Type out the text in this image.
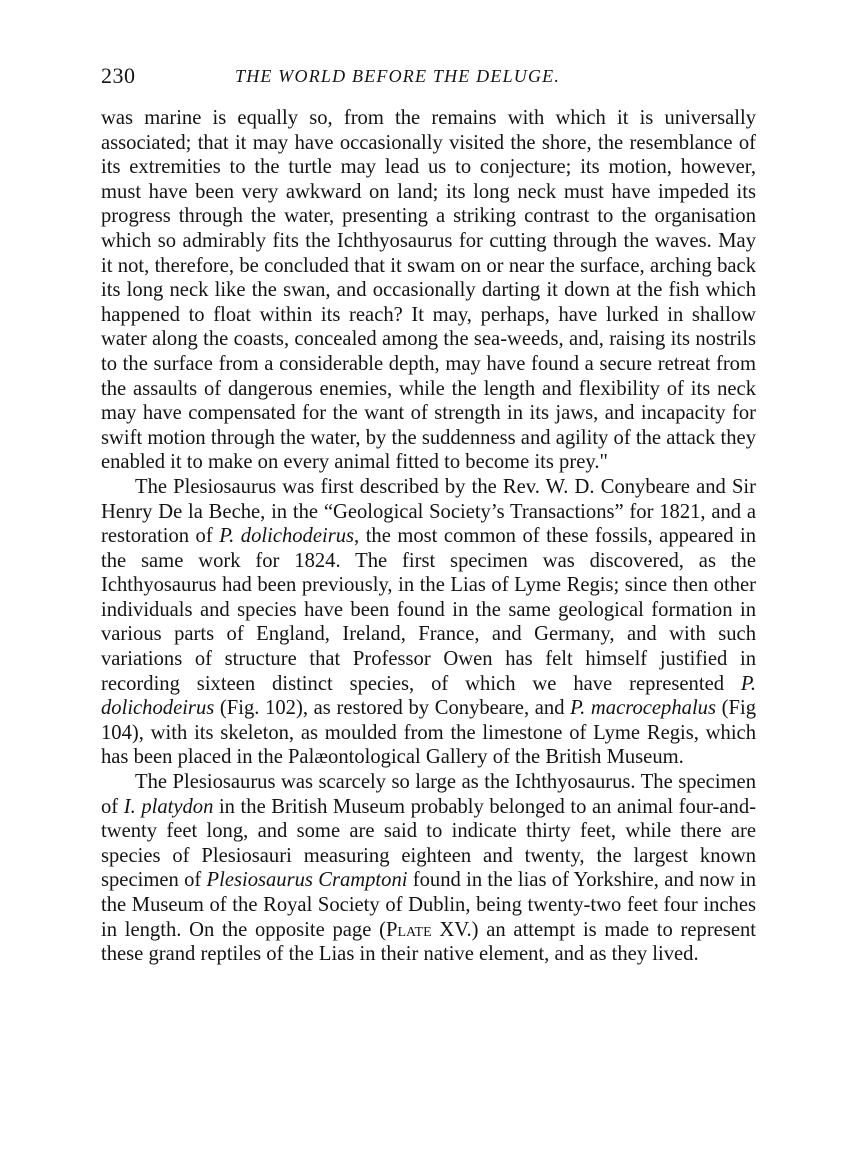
230	THE WORLD BEFORE THE DELUGE.

was marine is equally so, from the remains with which it is universally associated; that it may have occasionally visited the shore, the resemblance of its extremities to the turtle may lead us to conjecture; its motion, however, must have been very awkward on land; its long neck must have impeded its progress through the water, presenting a striking contrast to the organisation which so admirably fits the Ichthyosaurus for cutting through the waves. May it not, therefore, be concluded that it swam on or near the surface, arching back its long neck like the swan, and occasionally darting it down at the fish which happened to float within its reach? It may, perhaps, have lurked in shallow water along the coasts, concealed among the sea-weeds, and, raising its nostrils to the surface from a considerable depth, may have found a secure retreat from the assaults of dangerous enemies, while the length and flexibility of its neck may have compensated for the want of strength in its jaws, and incapacity for swift motion through the water, by the suddenness and agility of the attack they enabled it to make on every animal fitted to become its prey."

The Plesiosaurus was first described by the Rev. W. D. Conybeare and Sir Henry De la Beche, in the “Geological Society’s Transactions” for 1821, and a restoration of P. dolichodeirus, the most common of these fossils, appeared in the same work for 1824. The first specimen was discovered, as the Ichthyosaurus had been previously, in the Lias of Lyme Regis; since then other individuals and species have been found in the same geological formation in various parts of England, Ireland, France, and Germany, and with such variations of structure that Professor Owen has felt himself justified in recording sixteen distinct species, of which we have represented P. dolichodeirus (Fig. 102), as restored by Conybeare, and P. macrocephalus (Fig 104), with its skeleton, as moulded from the limestone of Lyme Regis, which has been placed in the Palæontological Gallery of the British Museum.

The Plesiosaurus was scarcely so large as the Ichthyosaurus. The specimen of I. platydon in the British Museum probably belonged to an animal four-and-twenty feet long, and some are said to indicate thirty feet, while there are species of Plesiosauri measuring eighteen and twenty, the largest known specimen of Plesiosaurus Cramptoni found in the lias of Yorkshire, and now in the Museum of the Royal Society of Dublin, being twenty-two feet four inches in length. On the opposite page (Plate XV.) an attempt is made to represent these grand reptiles of the Lias in their native element, and as they lived.
